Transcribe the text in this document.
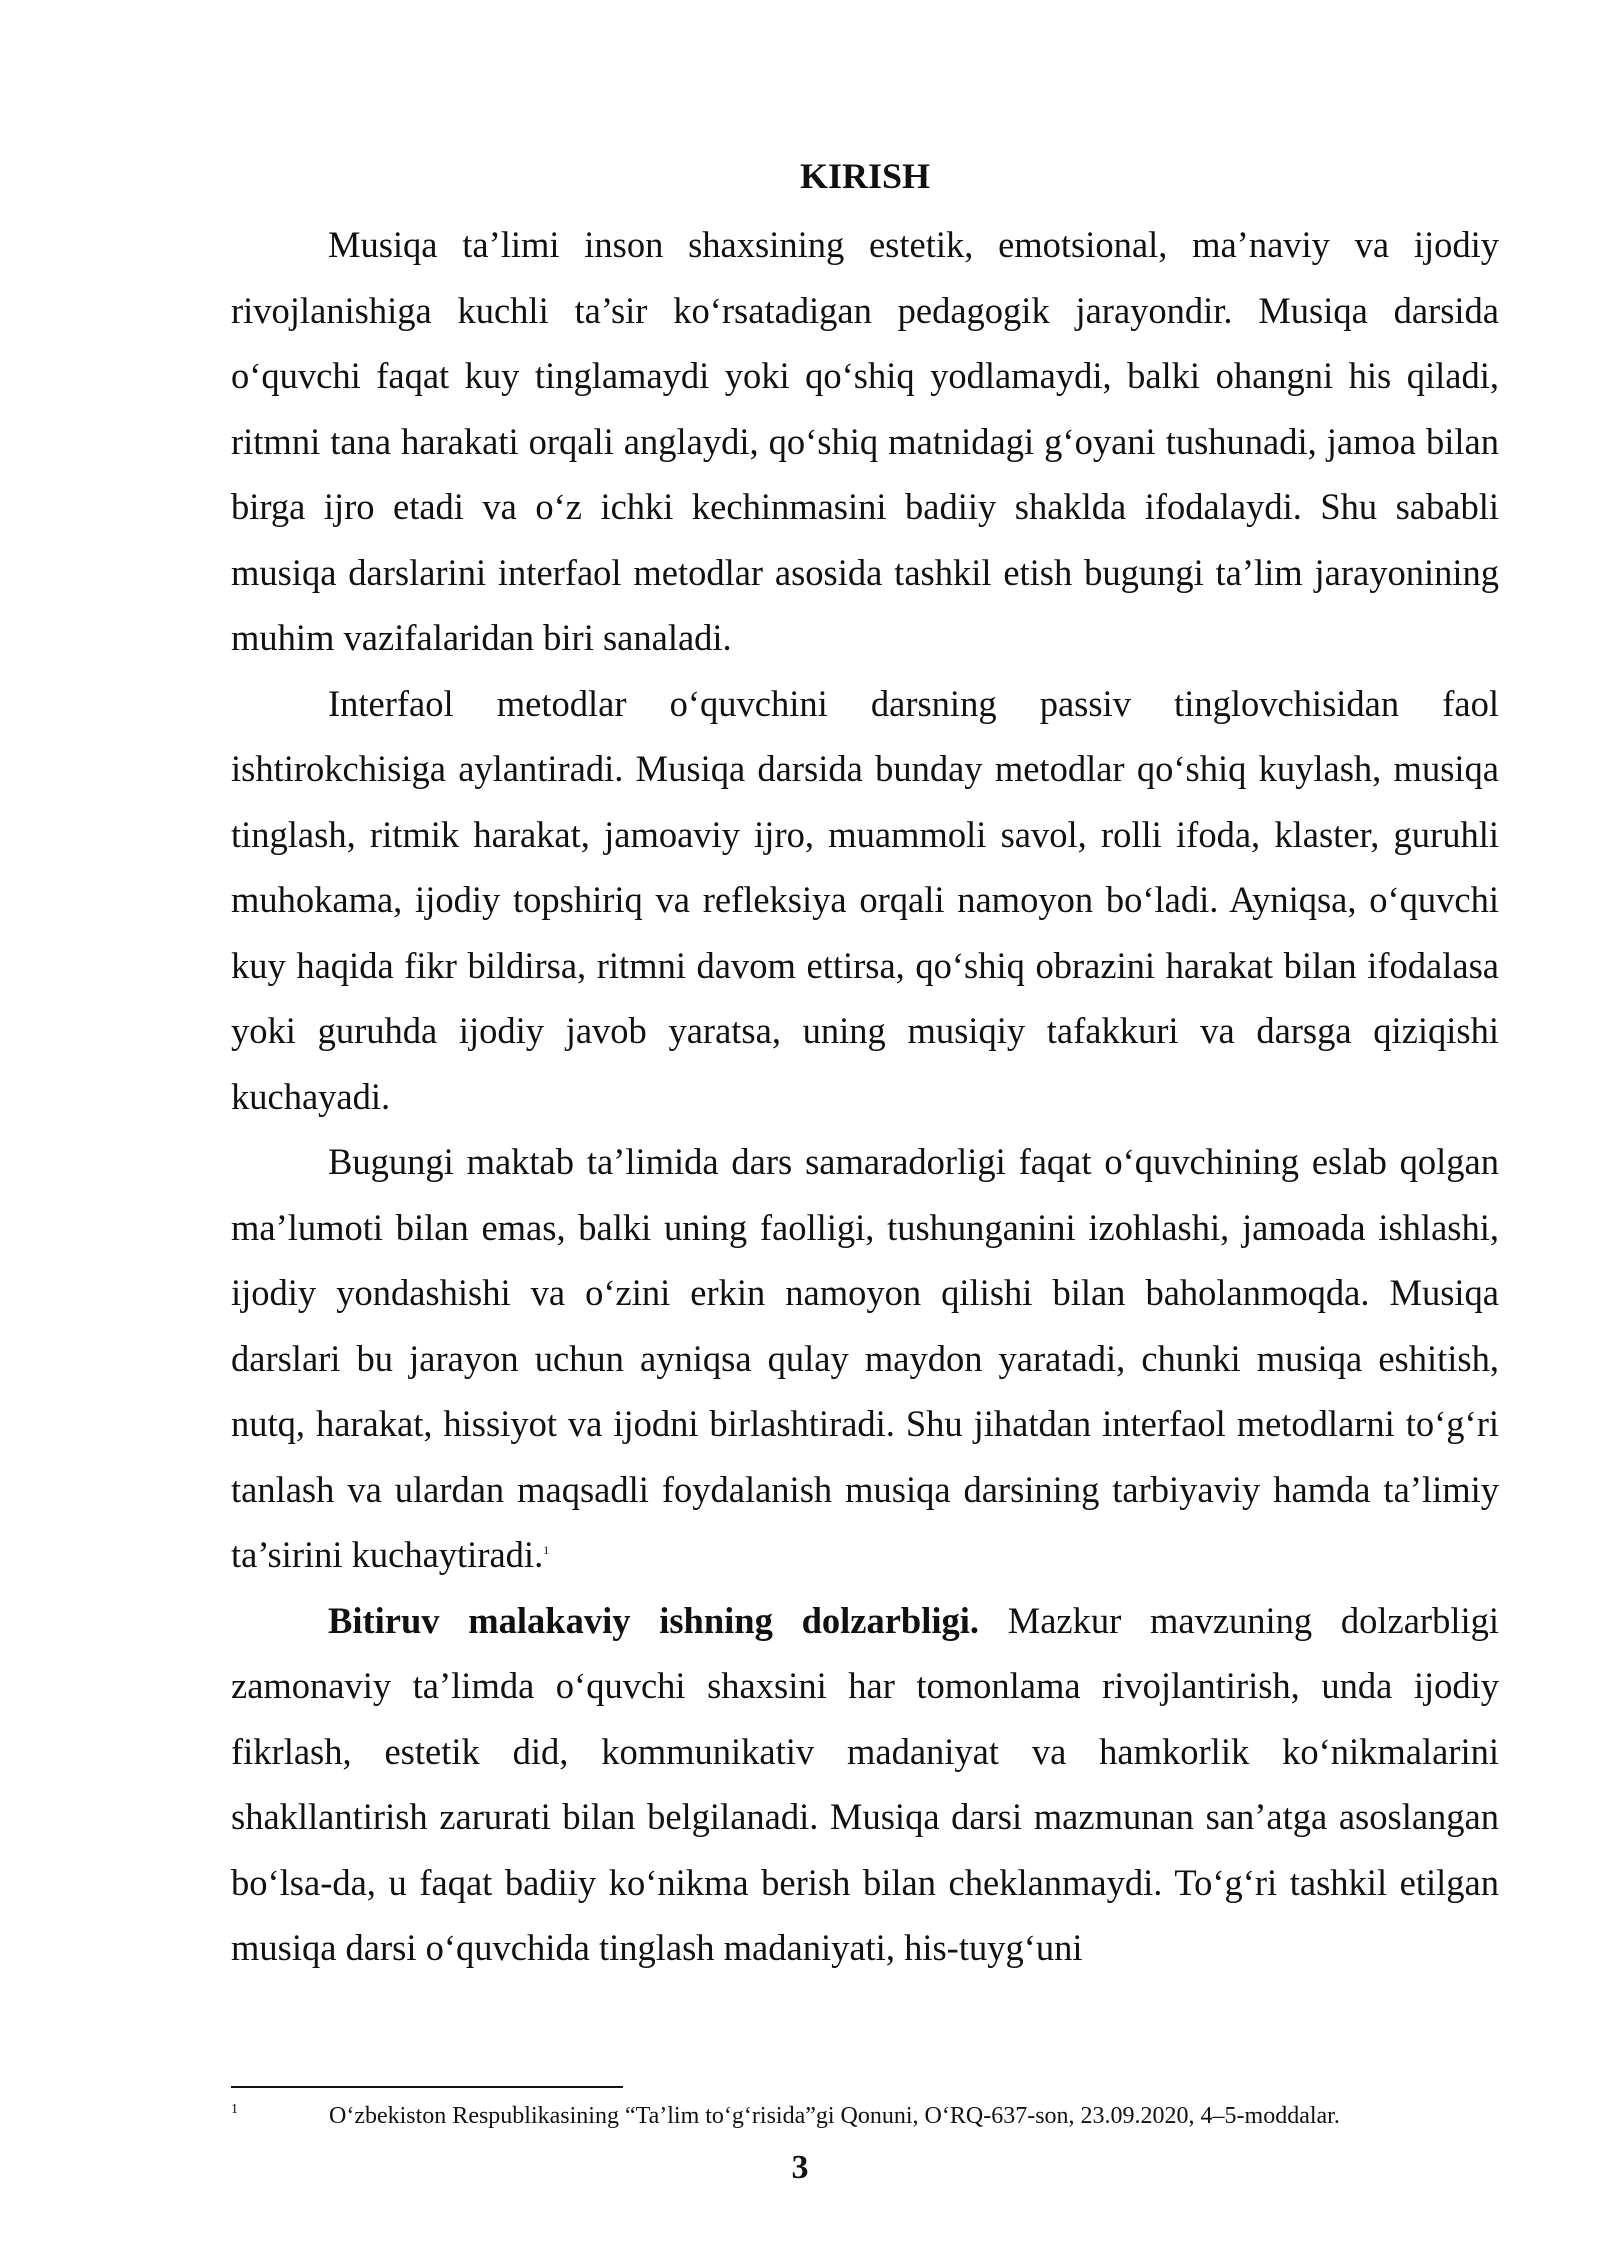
KIRISH

Musiqa ta’limi inson shaxsining estetik, emotsional, ma’naviy va ijodiy rivojlanishiga kuchli ta’sir ko‘rsatadigan pedagogik jarayondir. Musiqa darsida o‘quvchi faqat kuy tinglamaydi yoki qo‘shiq yodlamaydi, balki ohangni his qiladi, ritmni tana harakati orqali anglaydi, qo‘shiq matnidagi g‘oyani tushunadi, jamoa bilan birga ijro etadi va o‘z ichki kechinmasini badiiy shaklda ifodalaydi. Shu sababli musiqa darslarini interfaol metodlar asosida tashkil etish bugungi ta’lim jarayonining muhim vazifalaridan biri sanaladi.

Interfaol metodlar o‘quvchini darsning passiv tinglovchisidan faol ishtirokchisiga aylantiradi. Musiqa darsida bunday metodlar qo‘shiq kuylash, musiqa tinglash, ritmik harakat, jamoaviy ijro, muammoli savol, rolli ifoda, klaster, guruhli muhokama, ijodiy topshiriq va refleksiya orqali namoyon bo‘ladi. Ayniqsa, o‘quvchi kuy haqida fikr bildirsa, ritmni davom ettirsa, qo‘shiq obrazini harakat bilan ifodalasa yoki guruhda ijodiy javob yaratsa, uning musiqiy tafakkuri va darsga qiziqishi kuchayadi.

Bugungi maktab ta’limida dars samaradorligi faqat o‘quvchining eslab qolgan ma’lumoti bilan emas, balki uning faolligi, tushunganini izohlashi, jamoada ishlashi, ijodiy yondashishi va o‘zini erkin namoyon qilishi bilan baholanmoqda. Musiqa darslari bu jarayon uchun ayniqsa qulay maydon yaratadi, chunki musiqa eshitish, nutq, harakat, hissiyot va ijodni birlashtiradi. Shu jihatdan interfaol metodlarni to‘g‘ri tanlash va ulardan maqsadli foydalanish musiqa darsining tarbiyaviy hamda ta’limiy ta’sirini kuchaytiradi.$^1$

Bitiruv malakaviy ishning dolzarbligi. Mazkur mavzuning dolzarbligi zamonaviy ta’limda o‘quvchi shaxsini har tomonlama rivojlantirish, unda ijodiy fikrlash, estetik did, kommunikativ madaniyat va hamkorlik ko‘nikmalarini shakllantirish zarurati bilan belgilanadi. Musiqa darsi mazmunan san’atga asoslangan bo‘lsa-da, u faqat badiiy ko‘nikma berish bilan cheklanmaydi. To‘g‘ri tashkil etilgan musiqa darsi o‘quvchida tinglash madaniyati, his-tuyg‘uni

1	O‘zbekiston Respublikasining “Ta’lim to‘g‘risida”gi Qonuni, O‘RQ-637-son, 23.09.2020, 4–5-moddalar.
3
